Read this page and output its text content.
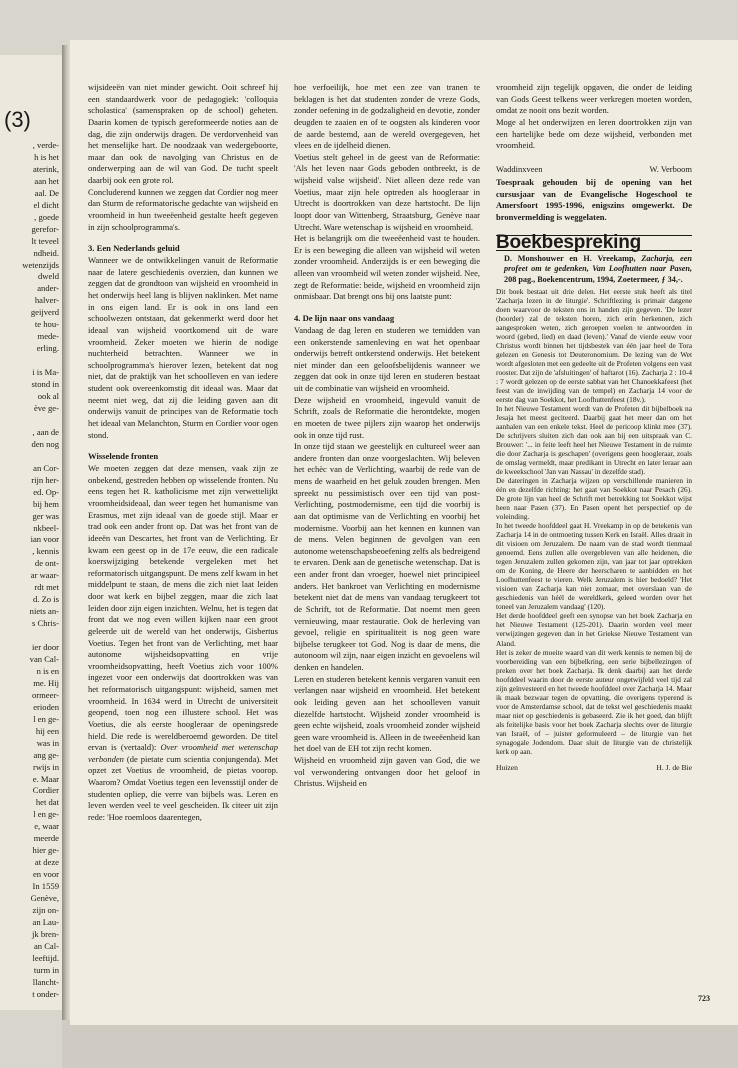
(3)
, verde-
h is het
aterink,
aan het
aal. De
el dicht
, goede
gerefor-
lt teveel
ndheid.
wetenzijds
dweld
ander-
halver-
geijverd
te hou-
mede-
erling.

i is Ma-
stond in
ook al
ève ge-

, aan de
den nog

an Cor-
rijn her-
ed. Op-
bij hem
ger was
nkbeel-
ian voor
, kennis
de ont-
ar waar-
rdt met
d. Zo is
niets an-
s Chris-

ier door
van Cal-
n is en
me. Hij
ormeer-
erioden
l en ge-
hij een
was in
ang ge-
rwijs in
e. Maar
Cordier
het dat
l en ge-
e, waar
meerde
hier ge-
at deze
en voor
In 1559
Genève,
zijn on-
an Lau-
jk bren-
an Cal-
leeftijd.
turm in
llancht-
t onder-

wijsideeën van niet minder gewicht. Ooit schreef hij een standaardwerk voor de pedagogiek: 'colloquia scholastica' (samenspraken op de school) geheten. Daarin komen de typisch gereformeerde noties aan de dag, die zijn onderwijs dragen. De verdorvenheid van het menselijke hart. De noodzaak van wedergeboorte, maar dan ook de navolging van Christus en de onderwerping aan de wil van God. De tucht speelt daarbij ook een grote rol.

Concluderend kunnen we zeggen dat Cordier nog meer dan Sturm de reformatorische gedachte van wijsheid en vroomheid in hun tweeëenheid gestalte heeft gegeven in zijn schoolprogramma's.

3. Een Nederlands geluid

Wanneer we de ontwikkelingen vanuit de Reformatie naar de latere geschiedenis overzien, dan kunnen we zeggen dat de grondtoon van wijsheid en vroomheid in het onderwijs heel lang is blijven naklinken. Met name in ons eigen land. Er is ook in ons land een schoolwezen ontstaan, dat gekenmerkt werd door het ideaal van wijsheid voortkomend uit de ware vroomheid. Zeker moeten we hierin de nodige nuchterheid betrachten. Wanneer we in schoolprogramma's hierover lezen, betekent dat nog niet, dat de praktijk van het schoolleven en van iedere student ook overeenkomstig dit ideaal was. Maar dat neemt niet weg, dat zij die leiding gaven aan dit onderwijs vanuit de principes van de Reformatie toch het ideaal van Melanchton, Sturm en Cordier voor ogen stond.

Wisselende fronten

We moeten zeggen dat deze mensen, vaak zijn ze onbekend, gestreden hebben op wisselende fronten. Nu eens tegen het R. katholicisme met zijn verwettelijkt vroomheidsideaal, dan weer tegen het humanisme van Erasmus, met zijn ideaal van de goede stijl. Maar er trad ook een ander front op. Dat was het front van de ideeën van Descartes, het front van de Verlichting. Er kwam een geest op in de 17e eeuw, die een radicale koerswijziging betekende vergeleken met het reformatorisch uitgangspunt. De mens zelf kwam in het middelpunt te staan, de mens die zich niet laat leiden door wat kerk en bijbel zeggen, maar die zich laat leiden door zijn eigen inzichten. Welnu, het is tegen dat front dat we nog even willen kijken naar een groot geleerde uit de wereld van het onderwijs, Gisbertus Voetius. Tegen het front van de Verlichting, met haar autonome wijsheidsopvatting en vrije vroomheidsopvatting, heeft Voetius zich voor 100% ingezet voor een onderwijs dat doortrokken was van het reformatorisch uitgangspunt: wijsheid, samen met vroomheid. In 1634 werd in Utrecht de universiteit geopend, toen nog een illustere school. Het was Voetius, die als eerste hoogleraar de openingsrede hield. Die rede is wereldberoemd geworden. De titel ervan is (vertaald): Over vroomheid met wetenschap verbonden (de pietate cum scientia conjungenda). Met opzet zet Voetius de vroomheid, de pietas voorop. Waarom? Omdat Voetius tegen een levensstijl onder de studenten opliep, die verre van bijbels was. Leren en leven werden veel te veel gescheiden. Ik citeer uit zijn rede: 'Hoe roemloos daarentegen,

hoe verfoeilijk, hoe met een zee van tranen te beklagen is het dat studenten zonder de vreze Gods, zonder oefening in de godzaligheid en devotie, zonder deugden te zaaien en of te oogsten als kinderen voor de aarde bestemd, aan de wereld overgegeven, het vlees en de ijdelheid dienen.

Voetius stelt geheel in de geest van de Reformatie: 'Als het leven naar Gods geboden ontbreekt, is de wijsheid valse wijsheid'. Niet alleen deze rede van Voetius, maar zijn hele optreden als hoogleraar in Utrecht is doortrokken van deze hartstocht. De lijn loopt door van Wittenberg, Straatsburg, Genève naar Utrecht. Ware wetenschap is wijsheid en vroomheid.

Het is belangrijk om die tweeëenheid vast te houden. Er is een beweging die alleen van wijsheid wil weten zonder vroomheid. Anderzijds is er een beweging die alleen van vroomheid wil weten zonder wijsheid. Nee, zegt de Reformatie: beide, wijsheid en vroomheid zijn onmisbaar. Dat brengt ons bij ons laatste punt:

4. De lijn naar ons vandaag

Vandaag de dag leren en studeren we temidden van een onkerstende samenleving en wat het openbaar onderwijs betreft ontkerstend onderwijs. Het betekent niet minder dan een geloofsbelijdenis wanneer we zeggen dat ook in onze tijd leren en studeren bestaat uit de combinatie van wijsheid en vroomheid.

Deze wijsheid en vroomheid, ingevuld vanuit de Schrift, zoals de Reformatie die herontdekte, mogen en moeten de twee pijlers zijn waarop het onderwijs ook in onze tijd rust.

In onze tijd staan we geestelijk en cultureel weer aan andere fronten dan onze voorgeslachten. Wij beleven het echèc van de Verlichting, waarbij de rede van de mens de waarheid en het geluk zouden brengen. Men spreekt nu pessimistisch over een tijd van post-Verlichting, postmodernisme, een tijd die voorbij is aan dat optimisme van de Verlichting en voorbij het modernisme. Voorbij aan het kennen en kunnen van de mens. Velen beginnen de gevolgen van een autonome wetenschapsbeoefening zelfs als bedreigend te ervaren. Denk aan de genetische wetenschap. Dat is een ander front dan vroeger, hoewel niet principieel anders. Het bankroet van Verlichting en modernisme betekent niet dat de mens van vandaag terugkeert tot de Schrift, tot de Reformatie. Dat noemt men geen vernieuwing, maar restauratie. Ook de herleving van gevoel, religie en spiritualiteit is nog geen ware bijbelse terugkeer tot God. Nog is daar de mens, die autonoom wil zijn, naar eigen inzicht en gevoelens wil denken en handelen.

Leren en studeren betekent kennis vergaren vanuit een verlangen naar wijsheid en vroomheid. Het betekent ook leiding geven aan het schoolleven vanuit diezelfde hartstocht. Wijsheid zonder vroomheid is geen echte wijsheid, zoals vroomheid zonder wijsheid geen ware vroomheid is. Alleen in de tweeëenheid kan het doel van de EH tot zijn recht komen.

Wijsheid en vroomheid zijn gaven van God, die we vol verwondering ontvangen door het geloof in Christus. Wijsheid en

vroomheid zijn tegelijk opgaven, die onder de leiding van Gods Geest telkens weer verkregen moeten worden, omdat ze nooit ons bezit worden.

Moge al het onderwijzen en leren doortrokken zijn van een hartelijke bede om deze wijsheid, verbonden met vroomheid.

Waddinxveen	W. Verboom

Toespraak gehouden bij de opening van het cursusjaar van de Evangelische Hogeschool te Amersfoort 1995-1996, enigszins omgewerkt. De bronvermelding is weggelaten.

Boekbespreking
D. Monshouwer en H. Vreekamp, Zacharja, een profeet om te gedenken, Van Loofhutten naar Pasen, 208 pag., Boekencentrum, 1994, Zoetermeer, ƒ 34,-.

Dit boek bestaat uit drie delen. Het eerste stuk heeft als titel 'Zacharja lezen in de liturgie'. Schriftlezing is primair datgene doen waarvoor de teksten ons in handen zijn gegeven. 'De lezer (hoorder) zal de teksten horen, zich erin herkennen, zich aangesproken weten, zich geroepen voelen te antwoorden in woord (gebed, lied) en daad (leven).' Vanaf de vierde eeuw voor Christus wordt binnen het tijdsbestek van één jaar heel de Tora gelezen en Genesis tot Deuteronomium. De lezing van de Wet wordt afgesloten met een gedeelte uit de Profeten volgens een vast rooster. Dat zijn de 'afsluitingen' of haftarot (16). Zacharja 2 : 10-4 : 7 wordt gelezen op de eerste sabbat van het Chanoekkafeest (het feest van de inwijding van de tempel) en Zacharja 14 voor de eerste dag van Soekkot, het Loofhuttenfeest (18v.).

In het Nieuwe Testament wordt van de Profeten dit bijbelboek na Jesaja het meest geciteerd. Daarbij gaat het meer dan om het aanhalen van een enkele tekst. Heel de pericoop klinkt mee (37). De schrijvers sluiten zich dan ook aan bij een uitspraak van C. Brouwer: '... in feite leeft heel het Nieuwe Testament in de ruimte die door Zacharja is geschapen' (overigens geen hoogleraar, zoals de omslag vermeldt, maar predikant in Utrecht en later leraar aan de kweekschool 'Jan van Nassau' in dezelfde stad).

De dateringen in Zacharja wijzen op verschillende manieren in één en dezelfde richting: het gaat van Soekkot naar Pesach (26). De grote lijn van heel de Schrift met betrekking tot Soekkot wijst heen naar Pasen (37). En Pasen opent het perspectief op de voleinding.

In het tweede hoofddeel gaat H. Vreekamp in op de betekenis van Zacharja 14 in de ontmoeting tussen Kerk en Israël. Alles draait in dit visioen om Jeruzalem. De naam van de stad wordt tienmaal genoemd. Eens zullen alle overgebleven van alle heidenen, die tegen Jeruzalem zullen gekomen zijn, van jaar tot jaar optrekken om de Koning, de Heere der heerscharen te aanbidden en het Loofhuttenfeest te vieren. Welk Jeruzalem is hier bedoeld? 'Het visioen van Zacharja kan niet zomaar, met overslaan van de geschiedenis van héél de wereldkerk, geleed worden over het toneel van Jeruzalem vandaag' (120).

Het derde hoofddeel geeft een synopse van het boek Zacharja en het Nieuwe Testament (125-201). Daarin worden veel meer verwijzingen gegeven dan in het Griekse Nieuwe Testament van Aland.

Het is zeker de moeite waard van dit werk kennis te nemen bij de voorbereiding van een bijbelkring, een serie bijbellezingen of preken over het boek Zacharja. Ik denk daarbij aan het derde hoofddeel waarin door de eerste auteur ongetwijfeld veel tijd zal zijn geïnvesteerd en het tweede hoofddeel over Zacharja 14. Maar ik maak bezwaar tegen de opvatting, die overigens typerend is voor de Amsterdamse school, dat de tekst wel geschiedenis maakt maar niet op geschiedenis is gebaseerd. Zie ik het goed, dan blijft als feitelijke basis voor het boek Zacharja slechts over de liturgie van Israël, of – juister geformuleerd – de liturgie van het synagogale Jodendom. Daar sluit de liturgie van de christelijk kerk op aan.

Huizen	H. J. de Bie
723
